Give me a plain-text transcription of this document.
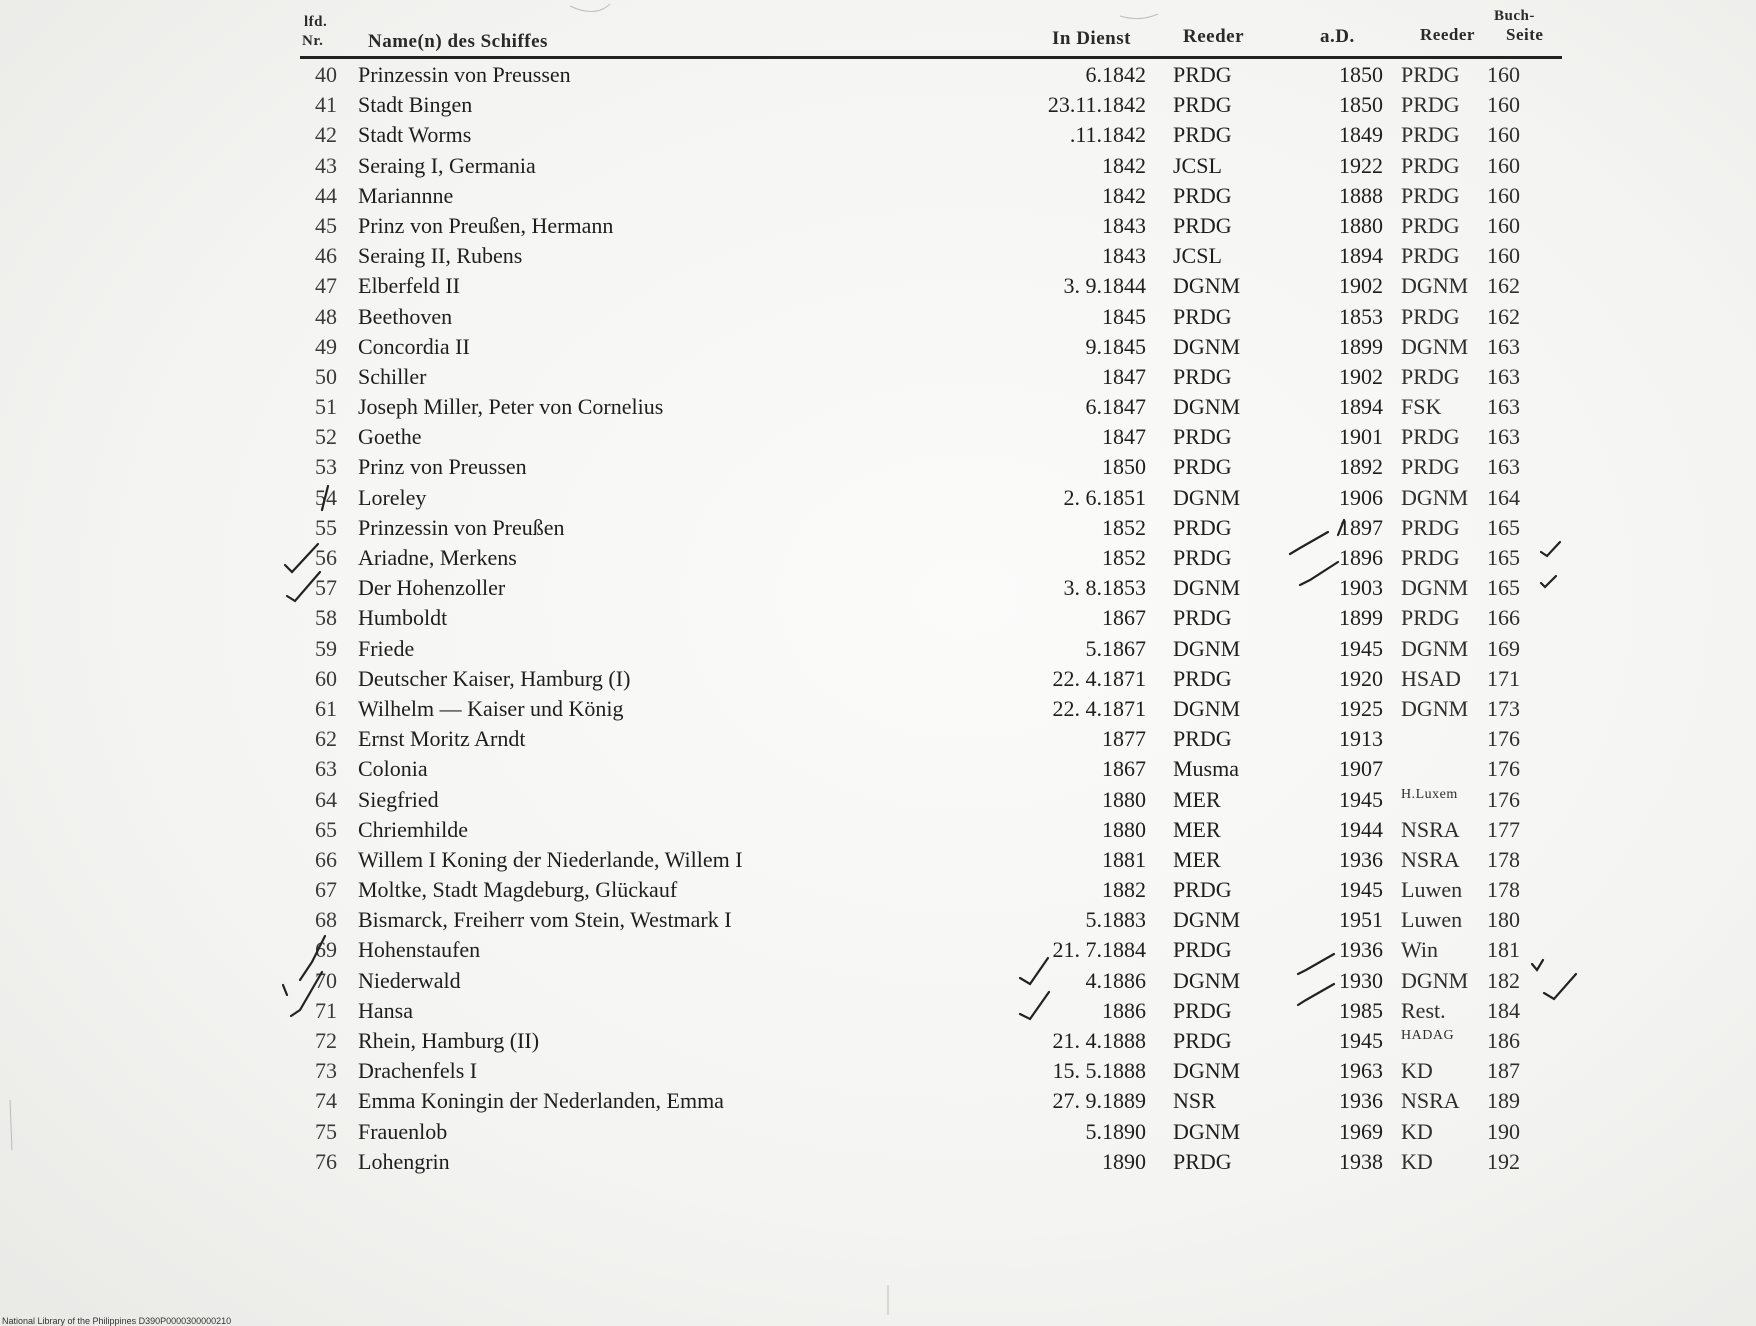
lfd.
Nr. Name(n) des Schiffes	In Dienst	Reeder	a.D.	Reeder
Buch-
Seite
40 Prinzessin von Preussen	6.1842 PRDG	1850 PRDG 160
41 Stadt Bingen	23.11.1842 PRDG	1850 PRDG 160
42 Stadt Worms	.11.1842 PRDG	1849 PRDG 160
43 Seraing I, Germania	1842 JCSL	1922 PRDG 160
44 Mariannne	1842 PRDG	1888 PRDG 160
45 Prinz von Preußen, Hermann	1843 PRDG	1880 PRDG 160
46 Seraing II, Rubens	1843 JCSL	1894 PRDG 160
47 Elberfeld II	3. 9.1844 DGNM	1902 DGNM 162
48 Beethoven	1845 PRDG	1853 PRDG 162
49 Concordia II	9.1845 DGNM	1899 DGNM 163
50 Schiller	1847 PRDG	1902 PRDG 163
51 Joseph Miller, Peter von Cornelius	6.1847 DGNM	1894 FSK 163
52 Goethe	1847 PRDG	1901 PRDG 163
53 Prinz von Preussen	1850 PRDG	1892 PRDG 163
54 Loreley	2. 6.1851 DGNM	1906 DGNM 164
55 Prinzessin von Preußen	1852 PRDG	1897 PRDG 165
56 Ariadne, Merkens	1852 PRDG	1896 PRDG 165
57 Der Hohenzoller	3. 8.1853 DGNM	1903 DGNM 165
58 Humboldt	1867 PRDG	1899 PRDG 166
59 Friede	5.1867 DGNM	1945 DGNM 169
60 Deutscher Kaiser, Hamburg (I)	22. 4.1871 PRDG	1920 HSAD 171
61 Wilhelm — Kaiser und König	22. 4.1871 DGNM	1925 DGNM 173
62 Ernst Moritz Arndt	1877 PRDG	1913	176
63 Colonia	1867 Musma	1907	176
64 Siegfried	1880 MER	1945 H.Luxem 176
65 Chriemhilde	1880 MER	1944 NSRA 177
66 Willem I Koning der Niederlande, Willem I	1881 MER	1936 NSRA 178
67 Moltke, Stadt Magdeburg, Glückauf	1882 PRDG	1945 Luwen 178
68 Bismarck, Freiherr vom Stein, Westmark I	5.1883 DGNM	1951 Luwen 180
69 Hohenstaufen	21. 7.1884 PRDG	1936 Win 181
70 Niederwald	4.1886 DGNM	1930 DGNM 182
71 Hansa	1886 PRDG	1985 Rest. 184
72 Rhein, Hamburg (II)	21. 4.1888 PRDG	1945 HADAG 186
73 Drachenfels I	15. 5.1888 DGNM	1963 KD 187
74 Emma Koningin der Nederlanden, Emma	27. 9.1889 NSR	1936 NSRA 189
75 Frauenlob	5.1890 DGNM	1969 KD 190
76 Lohengrin	1890 PRDG	1938 KD 192
National Library of the Philippines D390P0000300000210
